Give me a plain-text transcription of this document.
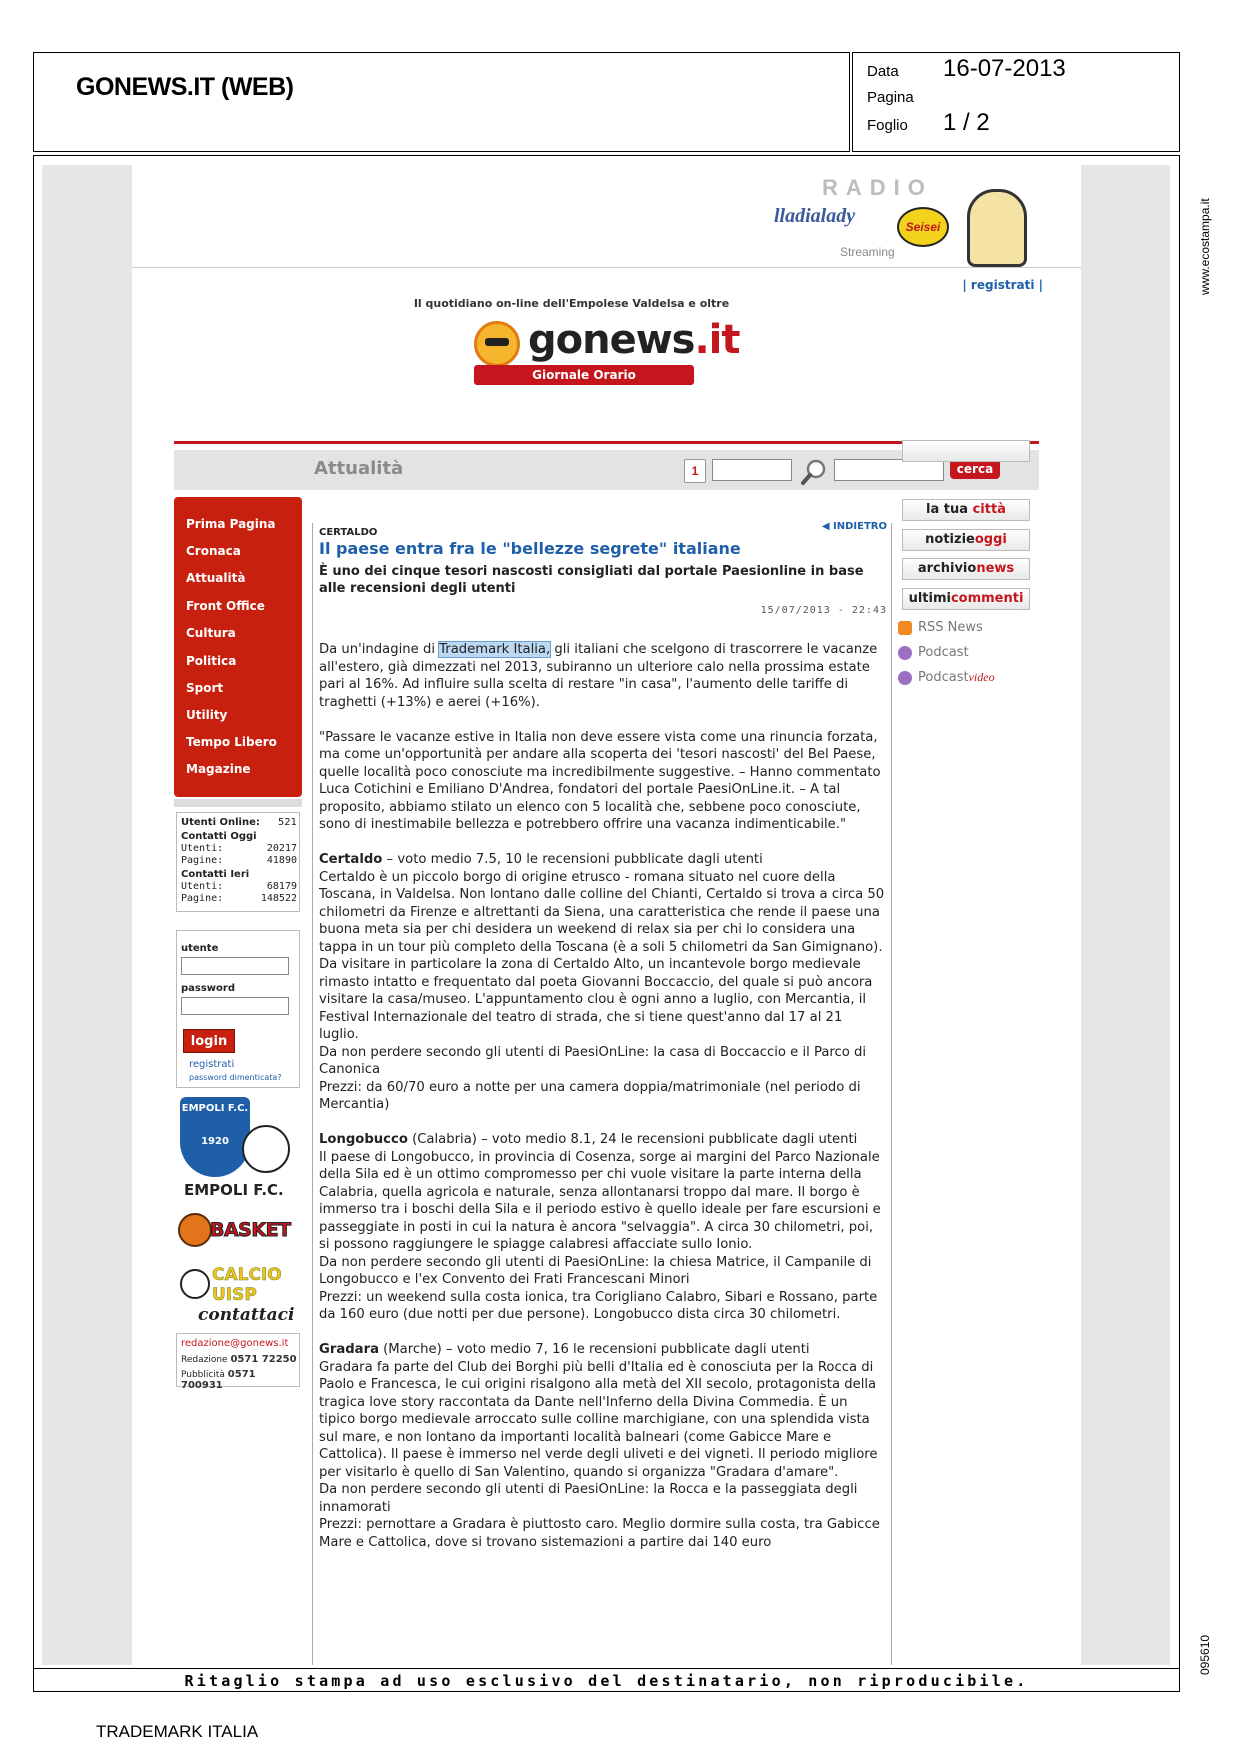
GONEWS.IT (WEB)
Data 16-07-2013
Pagina
Foglio 1 / 2
www.ecostampa.it
095610
RADIO
lladialady
Streaming
Seisei
| registrati |
Il quotidiano on-line dell'Empolese Valdelsa e oltre
gonews.it
Giornale Orario
Attualità	1	cerca
Prima Pagina
Cronaca
Attualità
Front Office
Cultura
Politica
Sport
Utility
Tempo Libero
Magazine
Utenti Online: 521
Contatti Oggi
Utenti:	20217
Pagine:	41890
Contatti Ieri
Utenti:	68179
Pagine:	148522
utente
password
login
registrati
password dimenticata?
EMPOLI F.C.

1920
EMPOLI F.C.
BASKET
CALCIO
UISP
contattaci
redazione@gonews.it
Redazione 0571 72250
Pubblicità 0571 700931
la tua città
notizieoggi
archivionews
ultimicommenti
RSS News
Podcast
Podcastvideo
◀ INDIETRO
CERTALDO
Il paese entra fra le "bellezze segrete" italiane
È uno dei cinque tesori nascosti consigliati dal portale Paesionline in base alle recensioni degli utenti
15/07/2013 - 22:43

Da un'indagine di Trademark Italia, gli italiani che scelgono di trascorrere le vacanze all'estero, già dimezzati nel 2013, subiranno un ulteriore calo nella prossima estate pari al 16%. Ad influire sulla scelta di restare "in casa", l'aumento delle tariffe di traghetti (+13%) e aerei (+16%).

"Passare le vacanze estive in Italia non deve essere vista come una rinuncia forzata, ma come un'opportunità per andare alla scoperta dei 'tesori nascosti' del Bel Paese, quelle località poco conosciute ma incredibilmente suggestive. – Hanno commentato Luca Cotichini e Emiliano D'Andrea, fondatori del portale PaesiOnLine.it. – A tal proposito, abbiamo stilato un elenco con 5 località che, sebbene poco conosciute, sono di inestimabile bellezza e potrebbero offrire una vacanza indimenticabile."

Certaldo – voto medio 7.5, 10 le recensioni pubblicate dagli utenti
Certaldo è un piccolo borgo di origine etrusco - romana situato nel cuore della Toscana, in Valdelsa. Non lontano dalle colline del Chianti, Certaldo si trova a circa 50 chilometri da Firenze e altrettanti da Siena, una caratteristica che rende il paese una buona meta sia per chi desidera un weekend di relax sia per chi lo considera una tappa in un tour più completo della Toscana (è a soli 5 chilometri da San Gimignano). Da visitare in particolare la zona di Certaldo Alto, un incantevole borgo medievale rimasto intatto e frequentato dal poeta Giovanni Boccaccio, del quale si può ancora visitare la casa/museo. L'appuntamento clou è ogni anno a luglio, con Mercantia, il Festival Internazionale del teatro di strada, che si tiene quest'anno dal 17 al 21 luglio.
Da non perdere secondo gli utenti di PaesiOnLine: la casa di Boccaccio e il Parco di Canonica
Prezzi: da 60/70 euro a notte per una camera doppia/matrimoniale (nel periodo di Mercantia)

Longobucco (Calabria) – voto medio 8.1, 24 le recensioni pubblicate dagli utenti
Il paese di Longobucco, in provincia di Cosenza, sorge ai margini del Parco Nazionale della Sila ed è un ottimo compromesso per chi vuole visitare la parte interna della Calabria, quella agricola e naturale, senza allontanarsi troppo dal mare. Il borgo è immerso tra i boschi della Sila e il periodo estivo è quello ideale per fare escursioni e passeggiate in posti in cui la natura è ancora "selvaggia". A circa 30 chilometri, poi, si possono raggiungere le spiagge calabresi affacciate sullo Ionio.
Da non perdere secondo gli utenti di PaesiOnLine: la chiesa Matrice, il Campanile di Longobucco e l'ex Convento dei Frati Francescani Minori
Prezzi: un weekend sulla costa ionica, tra Corigliano Calabro, Sibari e Rossano, parte da 160 euro (due notti per due persone). Longobucco dista circa 30 chilometri.

Gradara (Marche) – voto medio 7, 16 le recensioni pubblicate dagli utenti
Gradara fa parte del Club dei Borghi più belli d'Italia ed è conosciuta per la Rocca di Paolo e Francesca, le cui origini risalgono alla metà del XII secolo, protagonista della tragica love story raccontata da Dante nell'Inferno della Divina Commedia. È un tipico borgo medievale arroccato sulle colline marchigiane, con una splendida vista sul mare, e non lontano da importanti località balneari (come Gabicce Mare e Cattolica). Il paese è immerso nel verde degli uliveti e dei vigneti. Il periodo migliore per visitarlo è quello di San Valentino, quando si organizza "Gradara d'amare".
Da non perdere secondo gli utenti di PaesiOnLine: la Rocca e la passeggiata degli innamorati
Prezzi: pernottare a Gradara è piuttosto caro. Meglio dormire sulla costa, tra Gabicce Mare e Cattolica, dove si trovano sistemazioni a partire dai 140 euro

Ritaglio stampa ad uso esclusivo del destinatario, non riproducibile.
TRADEMARK ITALIA
